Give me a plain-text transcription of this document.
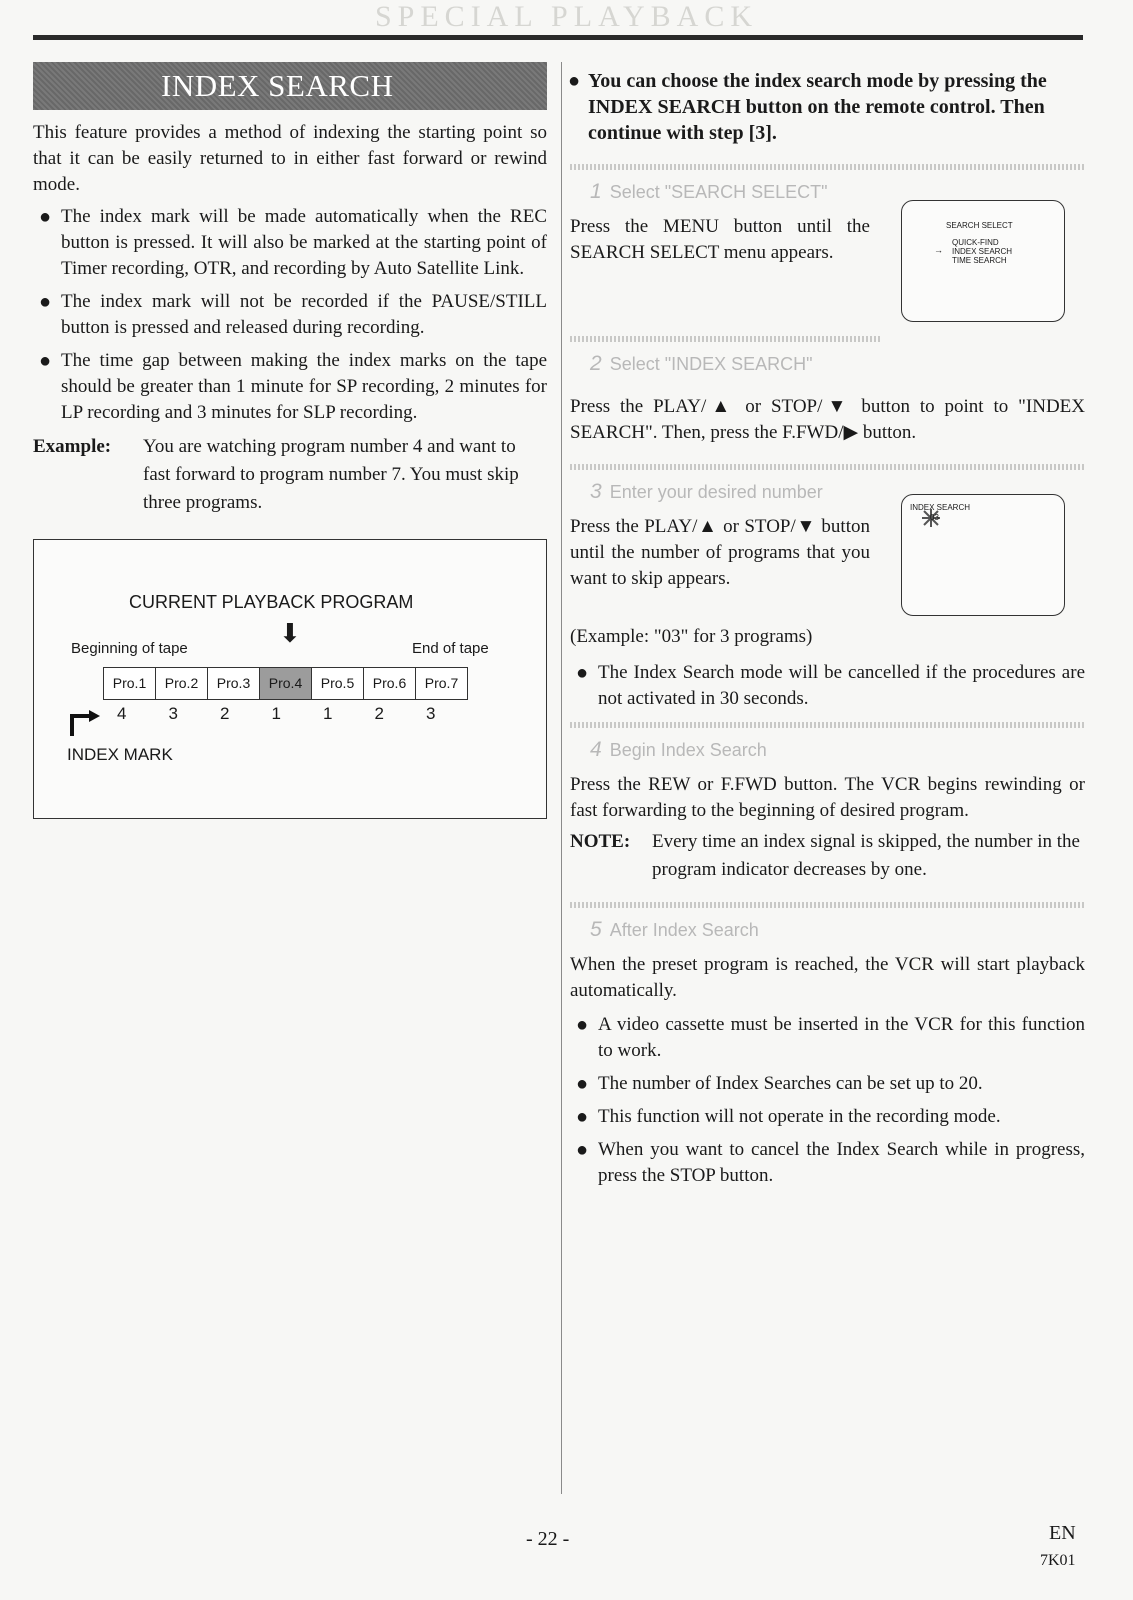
SPECIAL PLAYBACK
INDEX SEARCH

This feature provides a method of indexing the starting point so that it can be easily returned to in either fast forward or rewind mode.

● The index mark will be made automatically when the REC button is pressed. It will also be marked at the starting point of Timer recording, OTR, and recording by Auto Satellite Link.
● The index mark will not be recorded if the PAUSE/STILL button is pressed and released during recording.
● The time gap between making the index marks on the tape should be greater than 1 minute for SP recording, 2 minutes for LP recording and 3 minutes for SLP recording.
Example:	You are watching program number 4 and want to fast forward to program number 7. You must skip three programs.
CURRENT PLAYBACK PROGRAM
⬇
Beginning of tape	End of tape
Pro.1	Pro.2	Pro.3	Pro.4	Pro.5	Pro.6	Pro.7
4	3	2	1	1	2	3
INDEX MARK
● You can choose the index search mode by pressing the INDEX SEARCH button on the remote control. Then continue with step [3].
1 Select "SEARCH SELECT"
Press the MENU button until the SEARCH SELECT menu appears.
SEARCH SELECT
QUICK-FIND
→ INDEX SEARCH
TIME SEARCH
2 Select "INDEX SEARCH"
Press the PLAY/▲ or STOP/▼ button to point to "INDEX SEARCH". Then, press the F.FWD/▶ button.
3 Enter your desired number
Press the PLAY/▲ or STOP/▼ button until the number of programs that you want to skip appears.
INDEX SEARCH
03
(Example: "03" for 3 programs)
● The Index Search mode will be cancelled if the procedures are not activated in 30 seconds.
4 Begin Index Search
Press the REW or F.FWD button. The VCR begins rewinding or fast forwarding to the beginning of desired program.
NOTE:	Every time an index signal is skipped, the number in the program indicator decreases by one.
5 After Index Search
When the preset program is reached, the VCR will start playback automatically.
● A video cassette must be inserted in the VCR for this function to work.
● The number of Index Searches can be set up to 20.
● This function will not operate in the recording mode.
● When you want to cancel the Index Search while in progress, press the STOP button.
- 22 -	EN
7K01
